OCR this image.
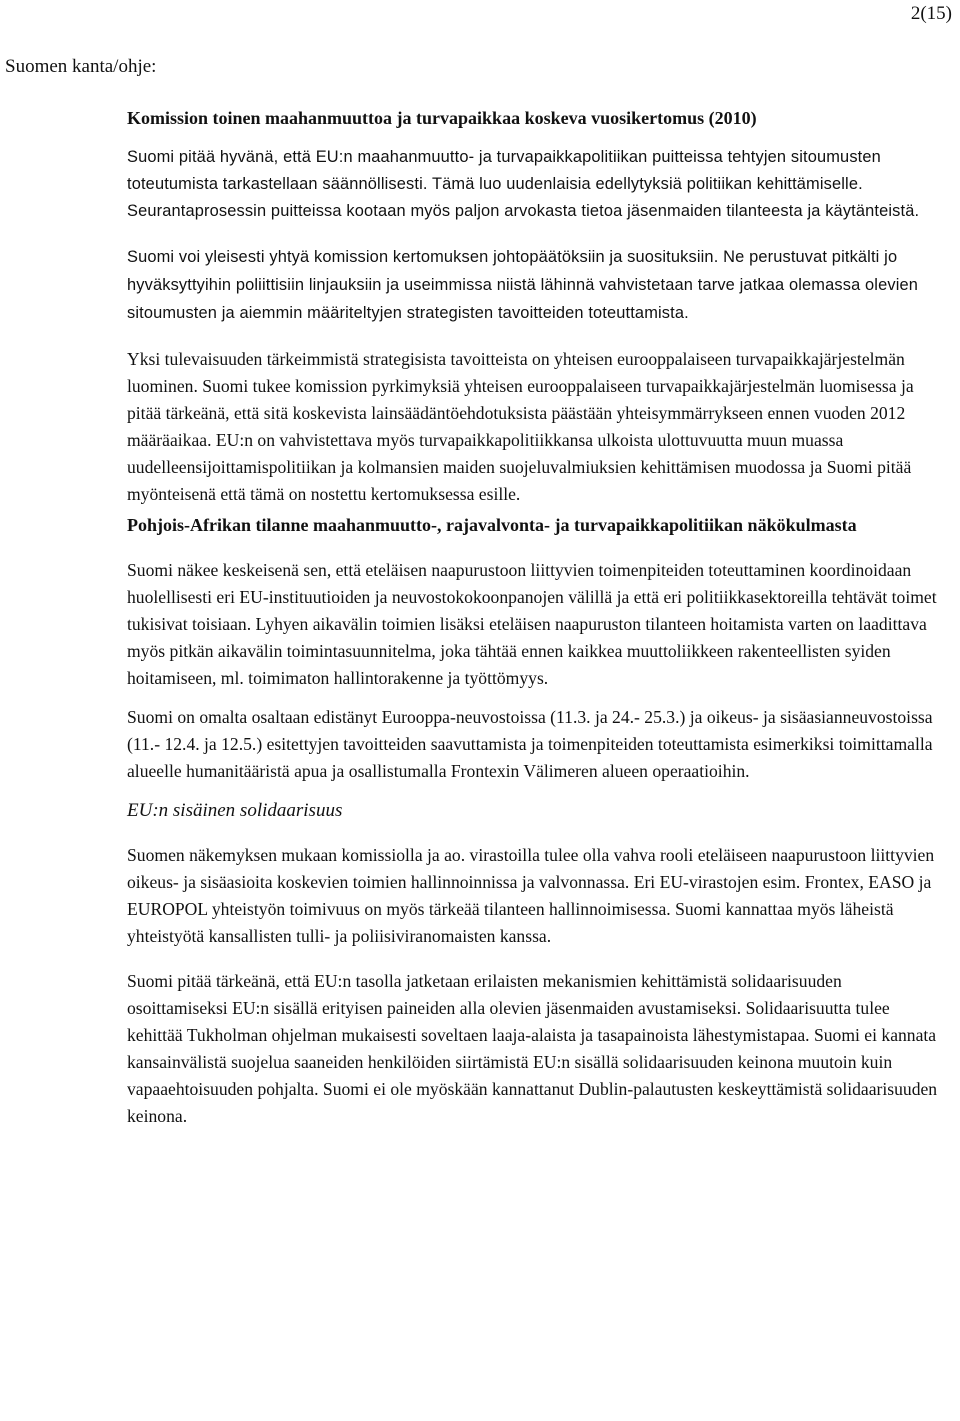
2(15)
Suomen kanta/ohje:

Komission toinen maahanmuuttoa ja turvapaikkaa koskeva vuosikertomus (2010)

Suomi pitää hyvänä, että EU:n maahanmuutto- ja turvapaikkapolitiikan puitteissa tehtyjen sitoumusten toteutumista tarkastellaan säännöllisesti. Tämä luo uudenlaisia edellytyksiä politiikan kehittämiselle. Seurantaprosessin puitteissa kootaan myös paljon arvokasta tietoa jäsenmaiden tilanteesta ja käytänteistä.

Suomi voi yleisesti yhtyä komission kertomuksen johtopäätöksiin ja suosituksiin. Ne perustuvat pitkälti jo hyväksyttyihin poliittisiin linjauksiin ja useimmissa niistä lähinnä vahvistetaan tarve jatkaa olemassa olevien sitoumusten ja aiemmin määriteltyjen strategisten tavoitteiden toteuttamista.

Yksi tulevaisuuden tärkeimmistä strategisista tavoitteista on yhteisen eurooppalaiseen turvapaikkajärjestelmän luominen. Suomi tukee komission pyrkimyksiä yhteisen eurooppalaiseen turvapaikkajärjestelmän luomisessa ja pitää tärkeänä, että sitä koskevista lainsäädäntöehdotuksista päästään yhteisymmärrykseen ennen vuoden 2012 määräaikaa. EU:n on vahvistettava myös turvapaikkapolitiikkansa ulkoista ulottuvuutta muun muassa uudelleensijoittamispolitiikan ja kolmansien maiden suojeluvalmiuksien kehittämisen muodossa ja Suomi pitää myönteisenä että tämä on nostettu kertomuksessa esille.

Pohjois-Afrikan tilanne maahanmuutto-, rajavalvonta- ja turvapaikkapolitiikan näkökulmasta

Suomi näkee keskeisenä sen, että eteläisen naapurustoon liittyvien toimenpiteiden toteuttaminen koordinoidaan huolellisesti eri EU-instituutioiden ja neuvostokokoonpanojen välillä ja että eri politiikkasektoreilla tehtävät toimet tukisivat toisiaan. Lyhyen aikavälin toimien lisäksi eteläisen naapuruston tilanteen hoitamista varten on laadittava myös pitkän aikavälin toimintasuunnitelma, joka tähtää ennen kaikkea muuttoliikkeen rakenteellisten syiden hoitamiseen, ml. toimimaton hallintorakenne ja työttömyys.

Suomi on omalta osaltaan edistänyt Eurooppa-neuvostoissa (11.3. ja 24.- 25.3.) ja oikeus- ja sisäasianneuvostoissa (11.- 12.4. ja 12.5.) esitettyjen tavoitteiden saavuttamista ja toimenpiteiden toteuttamista esimerkiksi toimittamalla alueelle humanitääristä apua ja osallistumalla Frontexin Välimeren alueen operaatioihin.

EU:n sisäinen solidaarisuus

Suomen näkemyksen mukaan komissiolla ja ao. virastoilla tulee olla vahva rooli eteläiseen naapurustoon liittyvien oikeus- ja sisäasioita koskevien toimien hallinnoinnissa ja valvonnassa. Eri EU-virastojen esim. Frontex, EASO ja EUROPOL yhteistyön toimivuus on myös tärkeää tilanteen hallinnoimisessa. Suomi kannattaa myös läheistä yhteistyötä kansallisten tulli- ja poliisiviranomaisten kanssa.

Suomi pitää tärkeänä, että EU:n tasolla jatketaan erilaisten mekanismien kehittämistä solidaarisuuden osoittamiseksi EU:n sisällä erityisen paineiden alla olevien jäsenmaiden avustamiseksi. Solidaarisuutta tulee kehittää Tukholman ohjelman mukaisesti soveltaen laaja-alaista ja tasapainoista lähestymistapaa. Suomi ei kannata kansainvälistä suojelua saaneiden henkilöiden siirtämistä EU:n sisällä solidaarisuuden keinona muutoin kuin vapaaehtoisuuden pohjalta. Suomi ei ole myöskään kannattanut Dublin-palautusten keskeyttämistä solidaarisuuden keinona.
